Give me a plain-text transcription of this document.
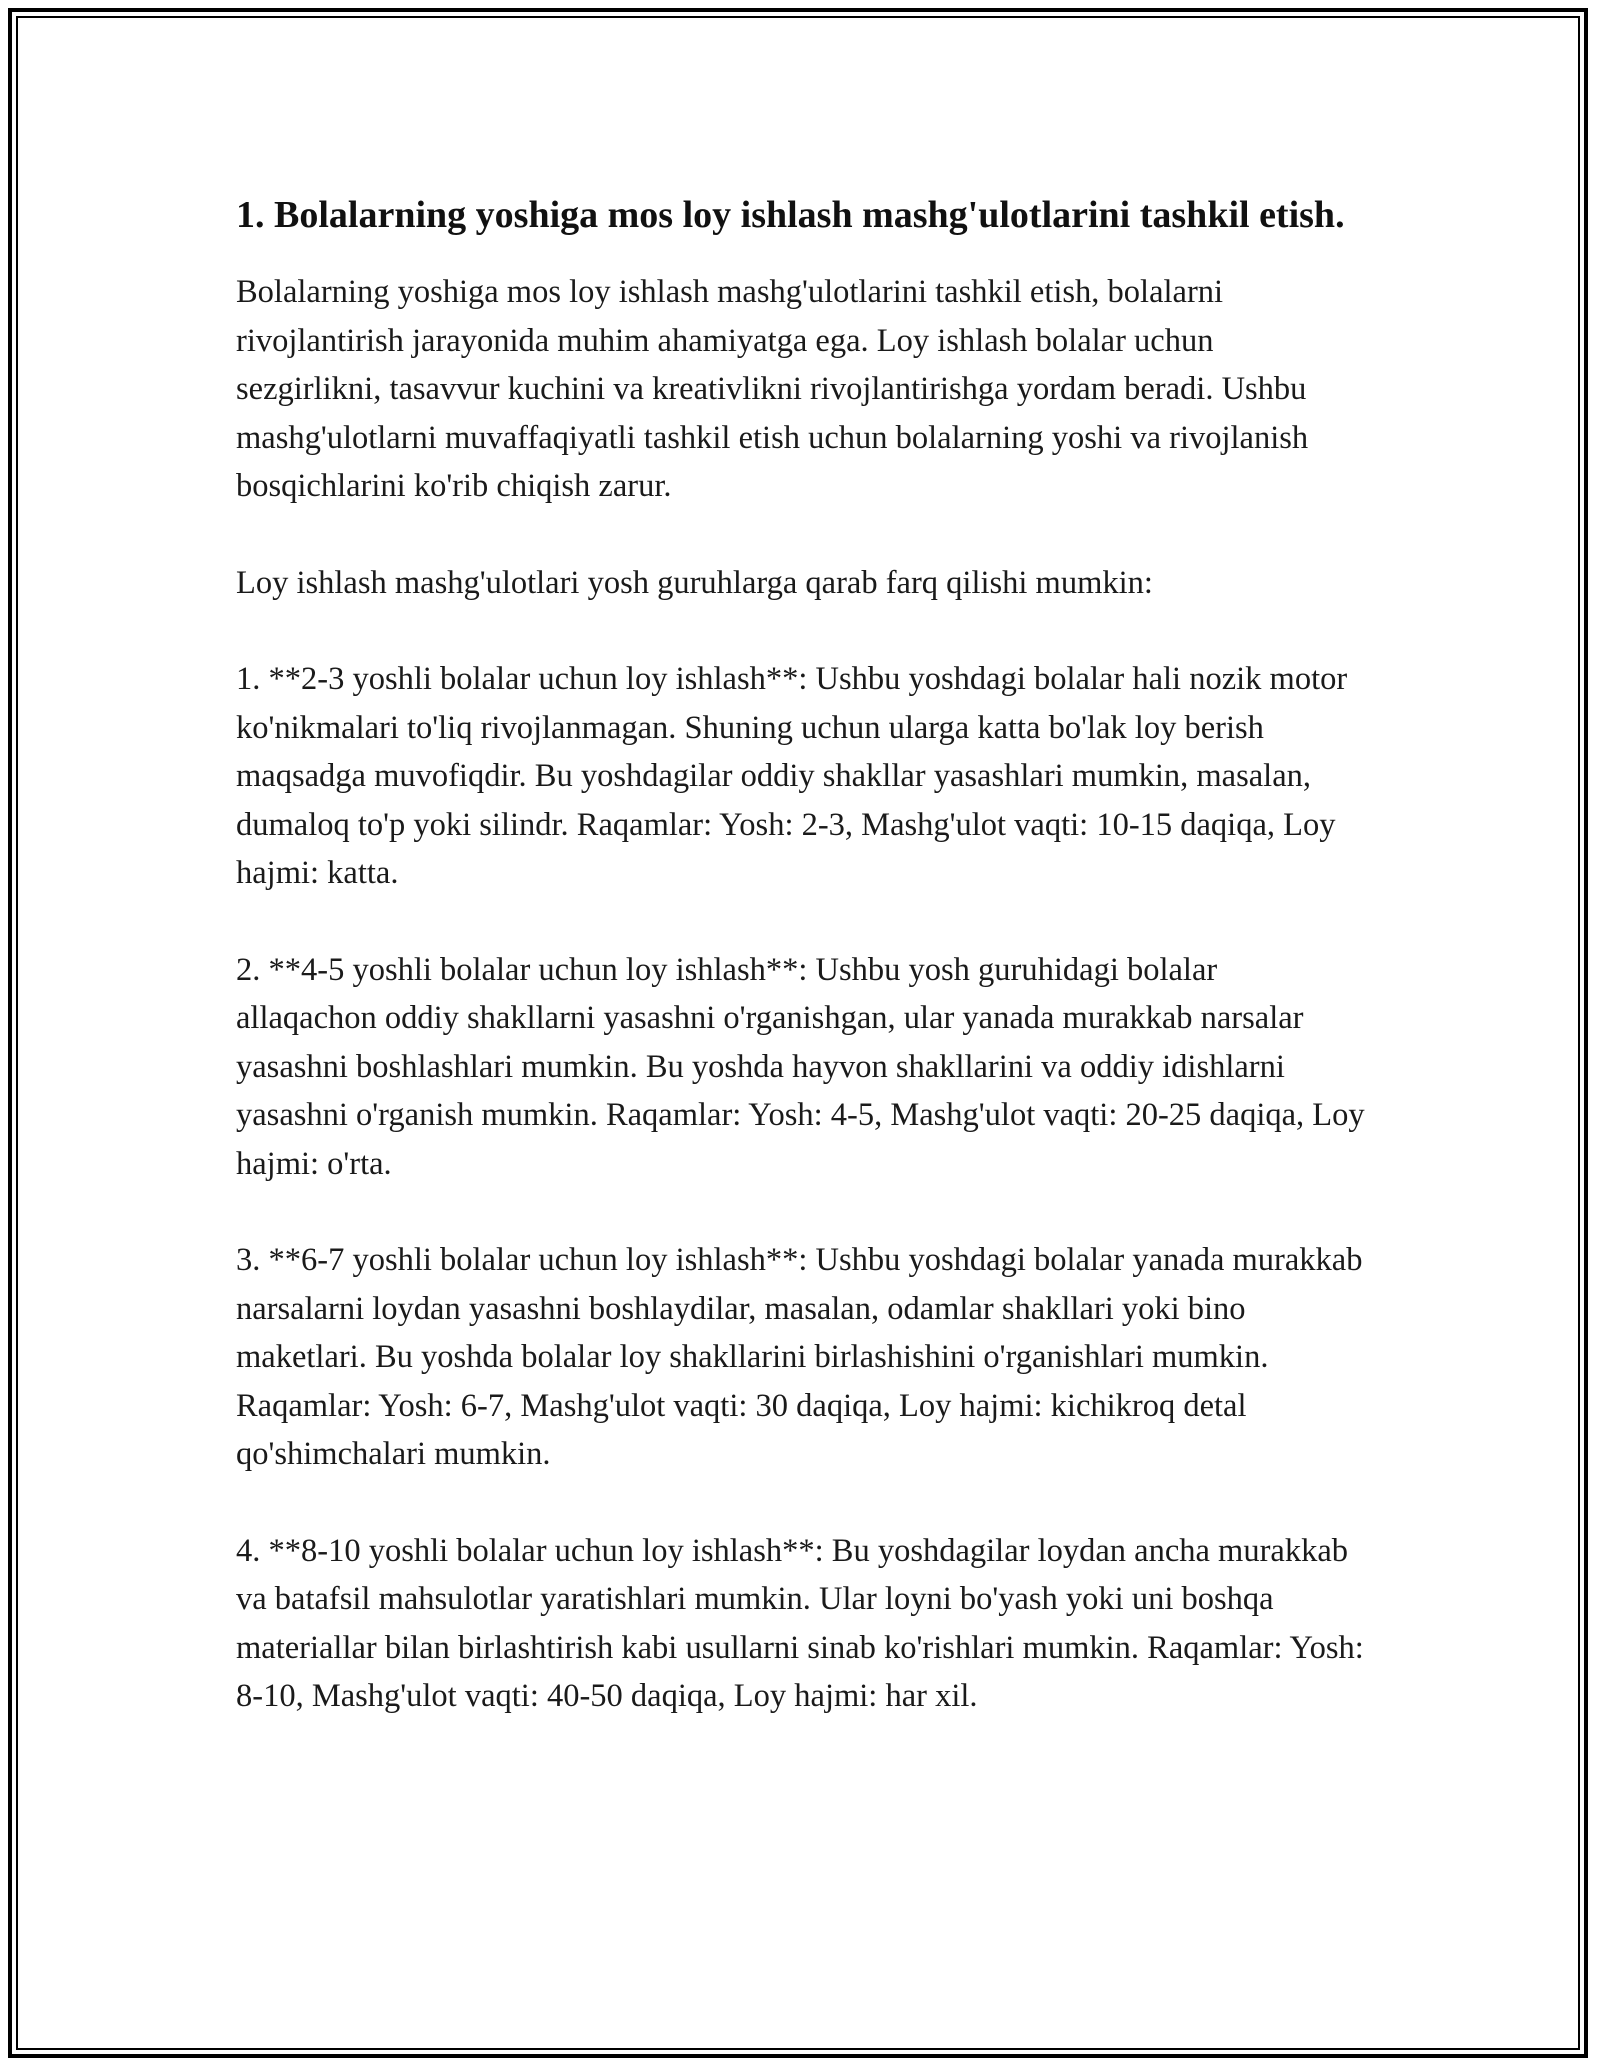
1. Bolalarning yoshiga mos loy ishlash mashg'ulotlarini tashkil etish.

Bolalarning yoshiga mos loy ishlash mashg'ulotlarini tashkil etish, bolalarni rivojlantirish jarayonida muhim ahamiyatga ega. Loy ishlash bolalar uchun sezgirlikni, tasavvur kuchini va kreativlikni rivojlantirishga yordam beradi. Ushbu mashg'ulotlarni muvaffaqiyatli tashkil etish uchun bolalarning yoshi va rivojlanish bosqichlarini ko'rib chiqish zarur.

Loy ishlash mashg'ulotlari yosh guruhlarga qarab farq qilishi mumkin:

1. **2-3 yoshli bolalar uchun loy ishlash**: Ushbu yoshdagi bolalar hali nozik motor ko'nikmalari to'liq rivojlanmagan. Shuning uchun ularga katta bo'lak loy berish maqsadga muvofiqdir. Bu yoshdagilar oddiy shakllar yasashlari mumkin, masalan, dumaloq to'p yoki silindr. Raqamlar: Yosh: 2-3, Mashg'ulot vaqti: 10-15 daqiqa, Loy hajmi: katta.

2. **4-5 yoshli bolalar uchun loy ishlash**: Ushbu yosh guruhidagi bolalar allaqachon oddiy shakllarni yasashni o'rganishgan, ular yanada murakkab narsalar yasashni boshlashlari mumkin. Bu yoshda hayvon shakllarini va oddiy idishlarni yasashni o'rganish mumkin. Raqamlar: Yosh: 4-5, Mashg'ulot vaqti: 20-25 daqiqa, Loy hajmi: o'rta.

3. **6-7 yoshli bolalar uchun loy ishlash**: Ushbu yoshdagi bolalar yanada murakkab narsalarni loydan yasashni boshlaydilar, masalan, odamlar shakllari yoki bino maketlari. Bu yoshda bolalar loy shakllarini birlashishini o'rganishlari mumkin. Raqamlar: Yosh: 6-7, Mashg'ulot vaqti: 30 daqiqa, Loy hajmi: kichikroq detal qo'shimchalari mumkin.

4. **8-10 yoshli bolalar uchun loy ishlash**: Bu yoshdagilar loydan ancha murakkab va batafsil mahsulotlar yaratishlari mumkin. Ular loyni bo'yash yoki uni boshqa materiallar bilan birlashtirish kabi usullarni sinab ko'rishlari mumkin. Raqamlar: Yosh: 8-10, Mashg'ulot vaqti: 40-50 daqiqa, Loy hajmi: har xil.
